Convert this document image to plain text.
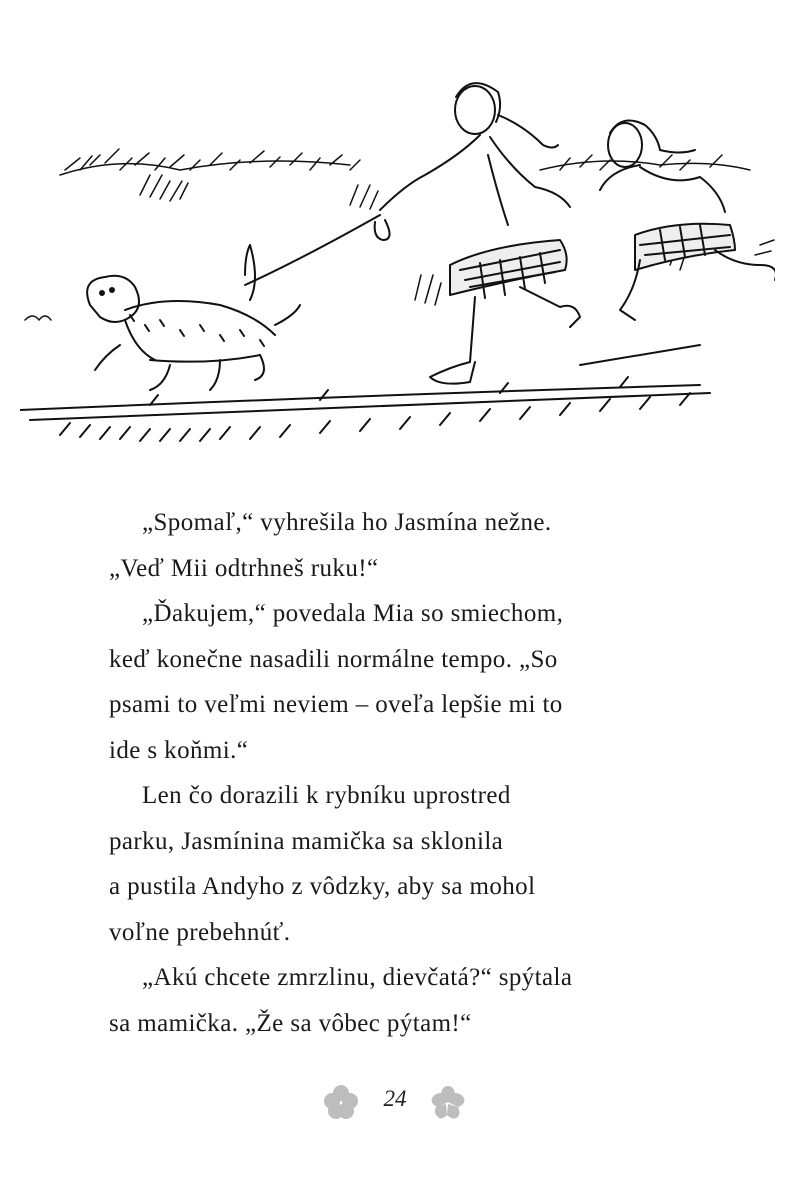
„Spomaľ,“ vyhrešila ho Jasmína nežne.
„Veď Mii odtrhneš ruku!“
„Ďakujem,“ povedala Mia so smiechom,
keď konečne nasadili normálne tempo. „So
psami to veľmi neviem – oveľa lepšie mi to
ide s koňmi.“
Len čo dorazili k rybníku uprostred
parku, Jasmínina mamička sa sklonila
a pustila Andyho z vôdzky, aby sa mohol
voľne prebehnúť.
„Akú chcete zmrzlinu, dievčatá?“ spýtala
sa mamička. „Že sa vôbec pýtam!“
24
